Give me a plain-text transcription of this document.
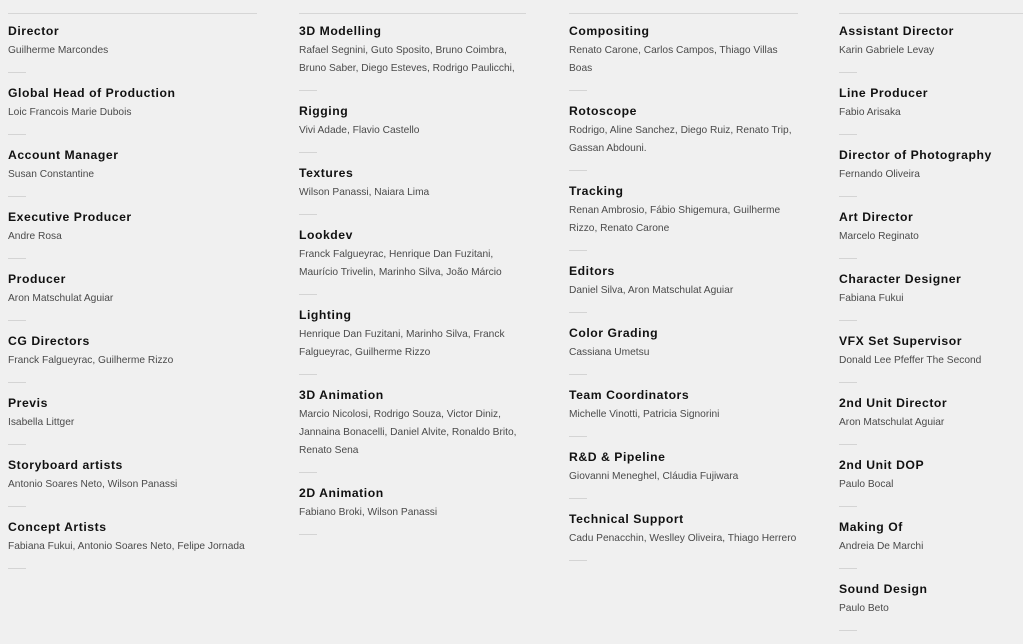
Director
Guilherme Marcondes
Global Head of Production
Loic Francois Marie Dubois
Account Manager
Susan Constantine
Executive Producer
Andre Rosa
Producer
Aron Matschulat Aguiar
CG Directors
Franck Falgueyrac, Guilherme Rizzo
Previs
Isabella Littger
Storyboard artists
Antonio Soares Neto, Wilson Panassi
Concept Artists
Fabiana Fukui, Antonio Soares Neto, Felipe Jornada
3D Modelling
Rafael Segnini, Guto Sposito, Bruno Coimbra, Bruno Saber, Diego Esteves, Rodrigo Paulicchi,
Rigging
Vivi Adade, Flavio Castello
Textures
Wilson Panassi, Naiara Lima
Lookdev
Franck Falgueyrac, Henrique Dan Fuzitani, Maurício Trivelin, Marinho Silva, João Márcio
Lighting
Henrique Dan Fuzitani, Marinho Silva, Franck Falgueyrac, Guilherme Rizzo
3D Animation
Marcio Nicolosi, Rodrigo Souza, Victor Diniz, Jannaina Bonacelli, Daniel Alvite, Ronaldo Brito, Renato Sena
2D Animation
Fabiano Broki, Wilson Panassi
Compositing
Renato Carone, Carlos Campos, Thiago Villas Boas
Rotoscope
Rodrigo, Aline Sanchez, Diego Ruiz, Renato Trip, Gassan Abdouni.
Tracking
Renan Ambrosio, Fábio Shigemura, Guilherme Rizzo, Renato Carone
Editors
Daniel Silva, Aron Matschulat Aguiar
Color Grading
Cassiana Umetsu
Team Coordinators
Michelle Vinotti, Patricia Signorini
R&D & Pipeline
Giovanni Meneghel, Cláudia Fujiwara
Technical Support
Cadu Penacchin, Weslley Oliveira, Thiago Herrero
Assistant Director
Karin Gabriele Levay
Line Producer
Fabio Arisaka
Director of Photography
Fernando Oliveira
Art Director
Marcelo Reginato
Character Designer
Fabiana Fukui
VFX Set Supervisor
Donald Lee Pfeffer The Second
2nd Unit Director
Aron Matschulat Aguiar
2nd Unit DOP
Paulo Bocal
Making Of
Andreia De Marchi
Sound Design
Paulo Beto
